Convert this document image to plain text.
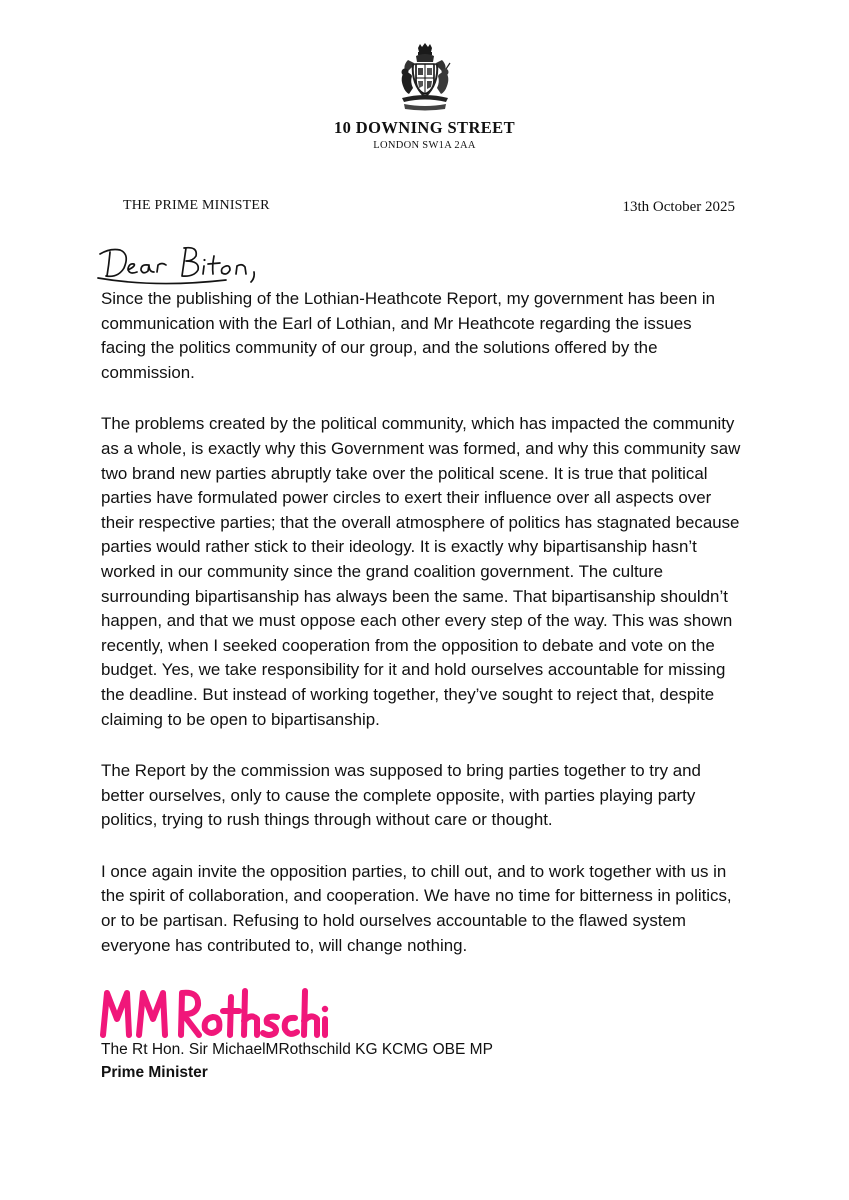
10 DOWNING STREET
LONDON SW1A 2AA
THE PRIME MINISTER	13th October 2025

Since the publishing of the Lothian-Heathcote Report, my government has been in communication with the Earl of Lothian, and Mr Heathcote regarding the issues facing the politics community of our group, and the solutions offered by the commission.

The problems created by the political community, which has impacted the community as a whole, is exactly why this Government was formed, and why this community saw two brand new parties abruptly take over the political scene. It is true that political parties have formulated power circles to exert their influence over all aspects over their respective parties; that the overall atmosphere of politics has stagnated because parties would rather stick to their ideology. It is exactly why bipartisanship hasn’t worked in our community since the grand coalition government. The culture surrounding bipartisanship has always been the same. That bipartisanship shouldn’t happen, and that we must oppose each other every step of the way. This was shown recently, when I seeked cooperation from the opposition to debate and vote on the budget. Yes, we take responsibility for it and hold ourselves accountable for missing the deadline. But instead of working together, they’ve sought to reject that, despite claiming to be open to bipartisanship.

The Report by the commission was supposed to bring parties together to try and better ourselves, only to cause the complete opposite, with parties playing party politics, trying to rush things through without care or thought.

I once again invite the opposition parties, to chill out, and to work together with us in the spirit of collaboration, and cooperation. We have no time for bitterness in politics, or to be partisan. Refusing to hold ourselves accountable to the flawed system everyone has contributed to, will change nothing.

The Rt Hon. Sir MichaelMRothschild KG KCMG OBE MP
Prime Minister
